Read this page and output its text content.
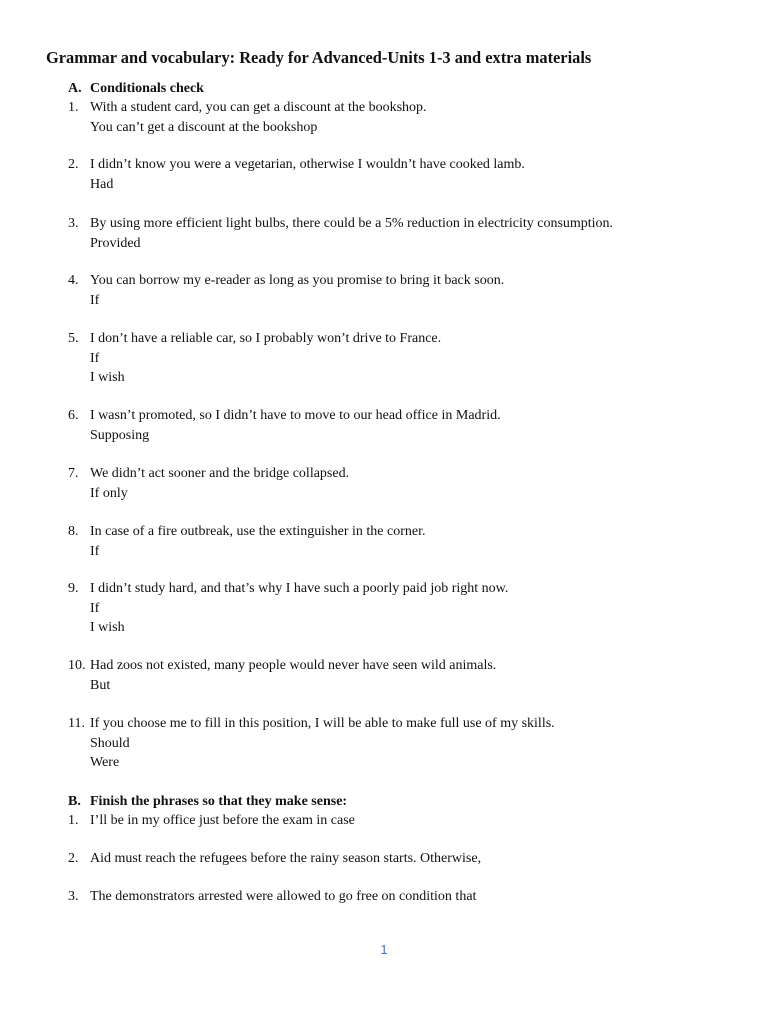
Grammar and vocabulary: Ready for Advanced-Units 1-3 and extra materials
A. Conditionals check
1. With a student card, you can get a discount at the bookshop.
You can’t get a discount at the bookshop
2. I didn’t know you were a vegetarian, otherwise I wouldn’t have cooked lamb.
Had
3. By using more efficient light bulbs, there could be a 5% reduction in electricity consumption.
Provided
4. You can borrow my e-reader as long as you promise to bring it back soon.
If
5. I don’t have a reliable car, so I probably won’t drive to France.
If
I wish
6. I wasn’t promoted, so I didn’t have to move to our head office in Madrid.
Supposing
7. We didn’t act sooner and the bridge collapsed.
If only
8. In case of a fire outbreak, use the extinguisher in the corner.
If
9. I didn’t study hard, and that’s why I have such a poorly paid job right now.
If
I wish
10. Had zoos not existed, many people would never have seen wild animals.
But
11. If you choose me to fill in this position, I will be able to make full use of my skills.
Should
Were
B. Finish the phrases so that they make sense:
1. I’ll be in my office just before the exam in case
2. Aid must reach the refugees before the rainy season starts. Otherwise,
3. The demonstrators arrested were allowed to go free on condition that
1
